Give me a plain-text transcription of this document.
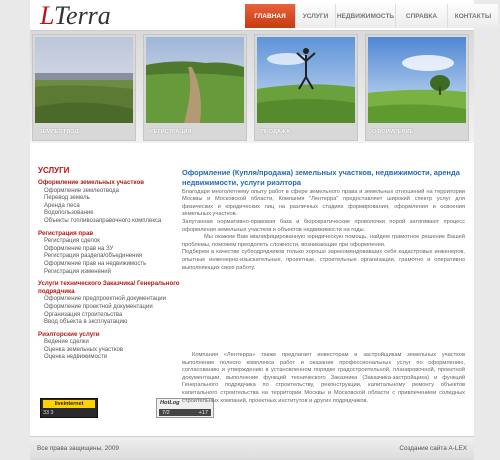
LTerra	ГЛАВНАЯ	УСЛУГИ	НЕДВИЖИМОСТЬ	СПРАВКА	КОНТАКТЫ
ЗЕМЛЕОТВОД	РЕГИСТРАЦИЯ	ПРОДАЖА	ОФОРМЛЕНИЕ
УСЛУГИ
Оформление земельных участков
Оформление землеотвода
Перевод земель
Аренда леса
Водопользование
Объекты топливозаправочного комплекса
Регистрация прав
Регистрация сделок
Оформление прав на ЗУ
Регистрация раздела/объединения
Оформление прав на недвижимость
Регистрация изменений
Услуги технического Заказчика/ Генерального подрядчика
Оформление предпроектной документации
Оформление проектной документации
Организация строительства
Ввод объекта в эксплуатацию
Риэлторские услуги
Ведение сделки
Оценка земельных участков
Оценка недвижимости
liveinternet
33 3
HotLog
7/2	+17
Оформление (Купля/продажа) земельных участков, недвижимости, аренда недвижимости, услуги риэлтора
Благодаря многолетнему опыту работ в сфере земельного права и земельных отношений на территории Москвы и Московской области, Компания "Лентерра" предоставляет широкий спектр услуг для физических и юридических лиц на различных стадиях формирования, оформления и освоения земельных участков.
Запутанная нормативно-правовая база и бюрократические проволочки порой затягивают процесс оформления земельных участков и объектов недвижимости на годы.
Мы окажем Вам квалифицированную юридическую помощь, найдем грамотное решение Вашей проблемы, поможем преодолеть сложности, возникающие при оформлении.
Подберем в качестве субподрядчиков только хорошо зарекомендовавших себя кадастровых инженеров, опытные инженерно-изыскательные, проектные, строительные организации, грамотно и оперативно выполняющих свою работу.
Компания «Лентерра» также предлагает инвесторам и застройщикам земельных участков выполнение полного комплекса работ и оказание профессиональных услуг по оформлению, согласованию и утверждению в установленном порядке градостроительной, планировочной, проектной документации, выполнение функций технического Заказчика (Заказчика-застройщика) и функций Генерального подрядчика по строительству, реконструкции, капитальному ремонту объектов капитального строительства на территории Москвы и Московской области с привлечением солидных строительных компаний, проектных институтов и других подрядчиков.
Все права защищены, 2009	Создание сайта A-LEX
